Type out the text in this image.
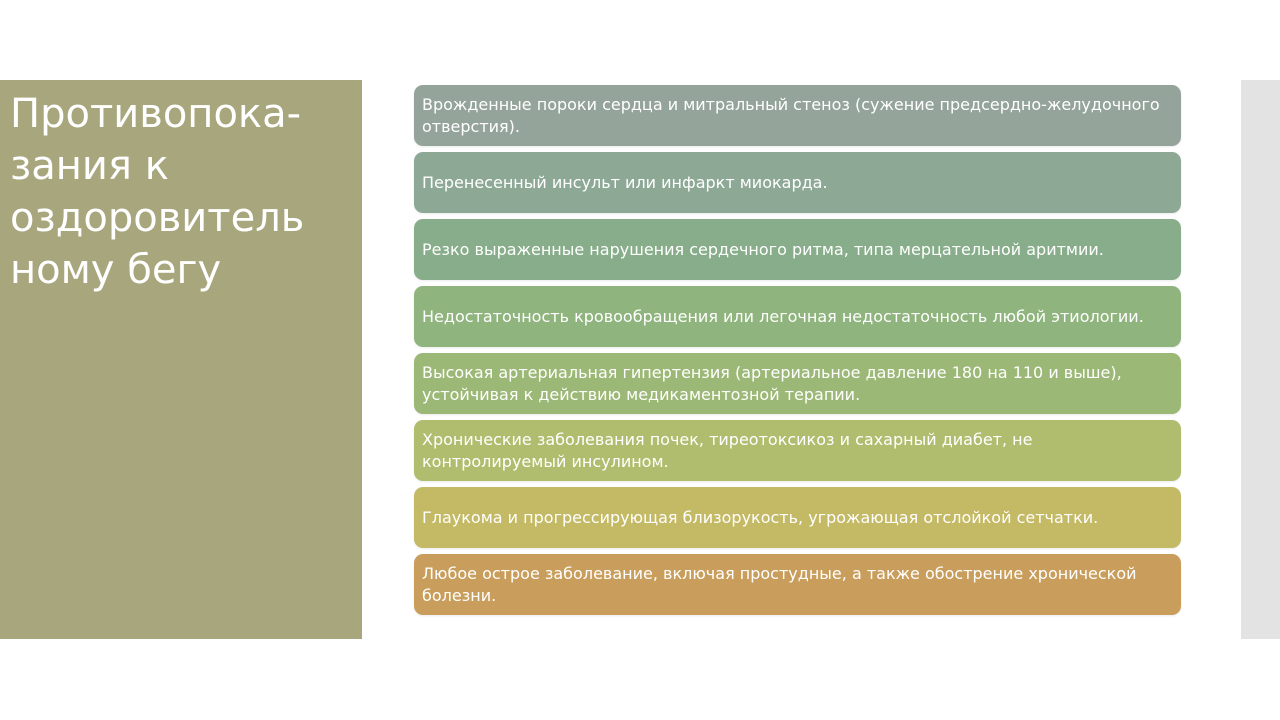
Противопока-
зания к
оздоровитель
ному бегу
Врожденные пороки сердца и митральный стеноз (сужение предсердно-желудочного отверстия).
Перенесенный инсульт или инфаркт миокарда.
Резко выраженные нарушения сердечного ритма, типа мерцательной аритмии.
Недостаточность кровообращения или легочная недостаточность любой этиологии.
Высокая артериальная гипертензия (артериальное давление 180 на 110 и выше), устойчивая к действию медикаментозной терапии.
Хронические заболевания почек, тиреотоксикоз и сахарный диабет, не контролируемый инсулином.
Глаукома и прогрессирующая близорукость, угрожающая отслойкой сетчатки.
Любое острое заболевание, включая простудные, а также обострение хронической болезни.
